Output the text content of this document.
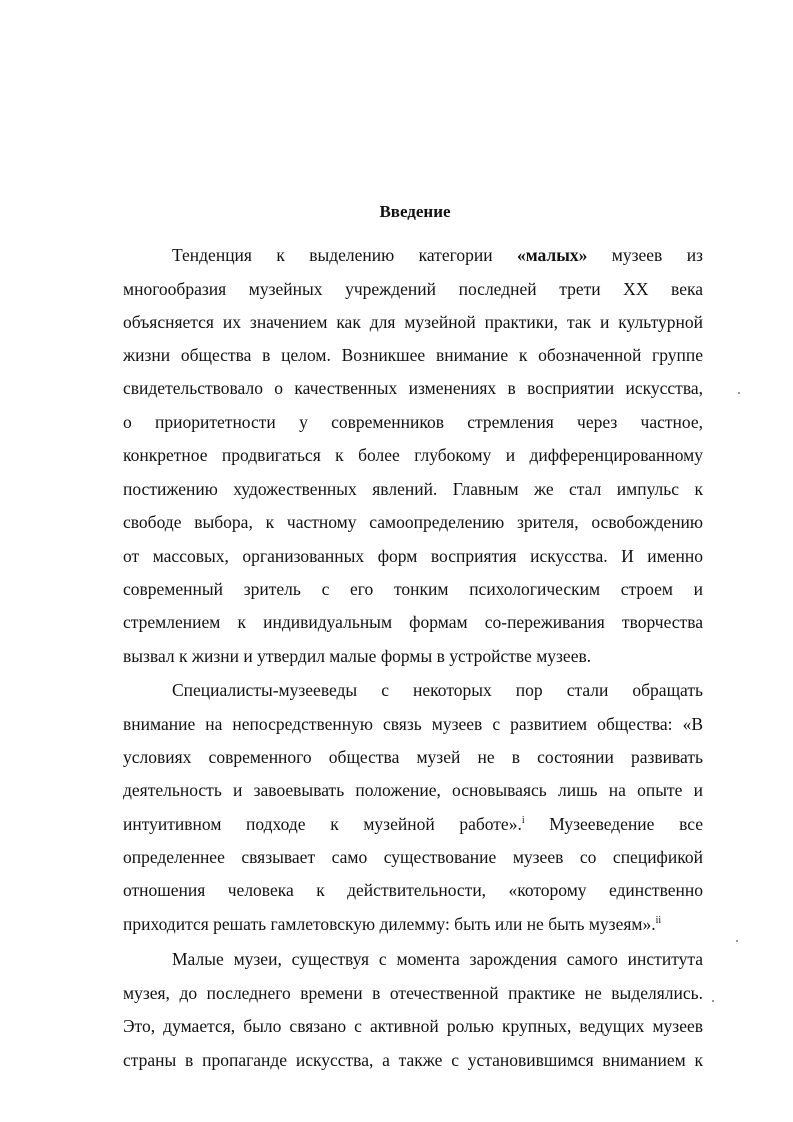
Введение
Тенденция к выделению категории «малых» музеев из
многообразия музейных учреждений последней трети ХХ века
объясняется их значением как для музейной практики, так и культурной
жизни общества в целом. Возникшее внимание к обозначенной группе
свидетельствовало о качественных изменениях в восприятии искусства,
о приоритетности у современников стремления через частное,
конкретное продвигаться к более глубокому и дифференцированному
постижению художественных явлений. Главным же стал импульс к
свободе выбора, к частному самоопределению зрителя, освобождению
от массовых, организованных форм восприятия искусства. И именно
современный зритель с его тонким психологическим строем и
стремлением к индивидуальным формам со-переживания творчества
вызвал к жизни и утвердил малые формы в устройстве музеев.
Специалисты-музееведы с некоторых пор стали обращать
внимание на непосредственную связь музеев с развитием общества: «В
условиях современного общества музей не в состоянии развивать
деятельность и завоевывать положение, основываясь лишь на опыте и
интуитивном подходе к музейной работе».$^i$ Музееведение все
определеннее связывает само существование музеев со спецификой
отношения человека к действительности, «которому единственно
приходится решать гамлетовскую дилемму: быть или не быть музеям».$^{ii}$
Малые музеи, существуя с момента зарождения самого института
музея, до последнего времени в отечественной практике не выделялись.
Это, думается, было связано с активной ролью крупных, ведущих музеев
страны в пропаганде искусства, а также с установившимся вниманием к
